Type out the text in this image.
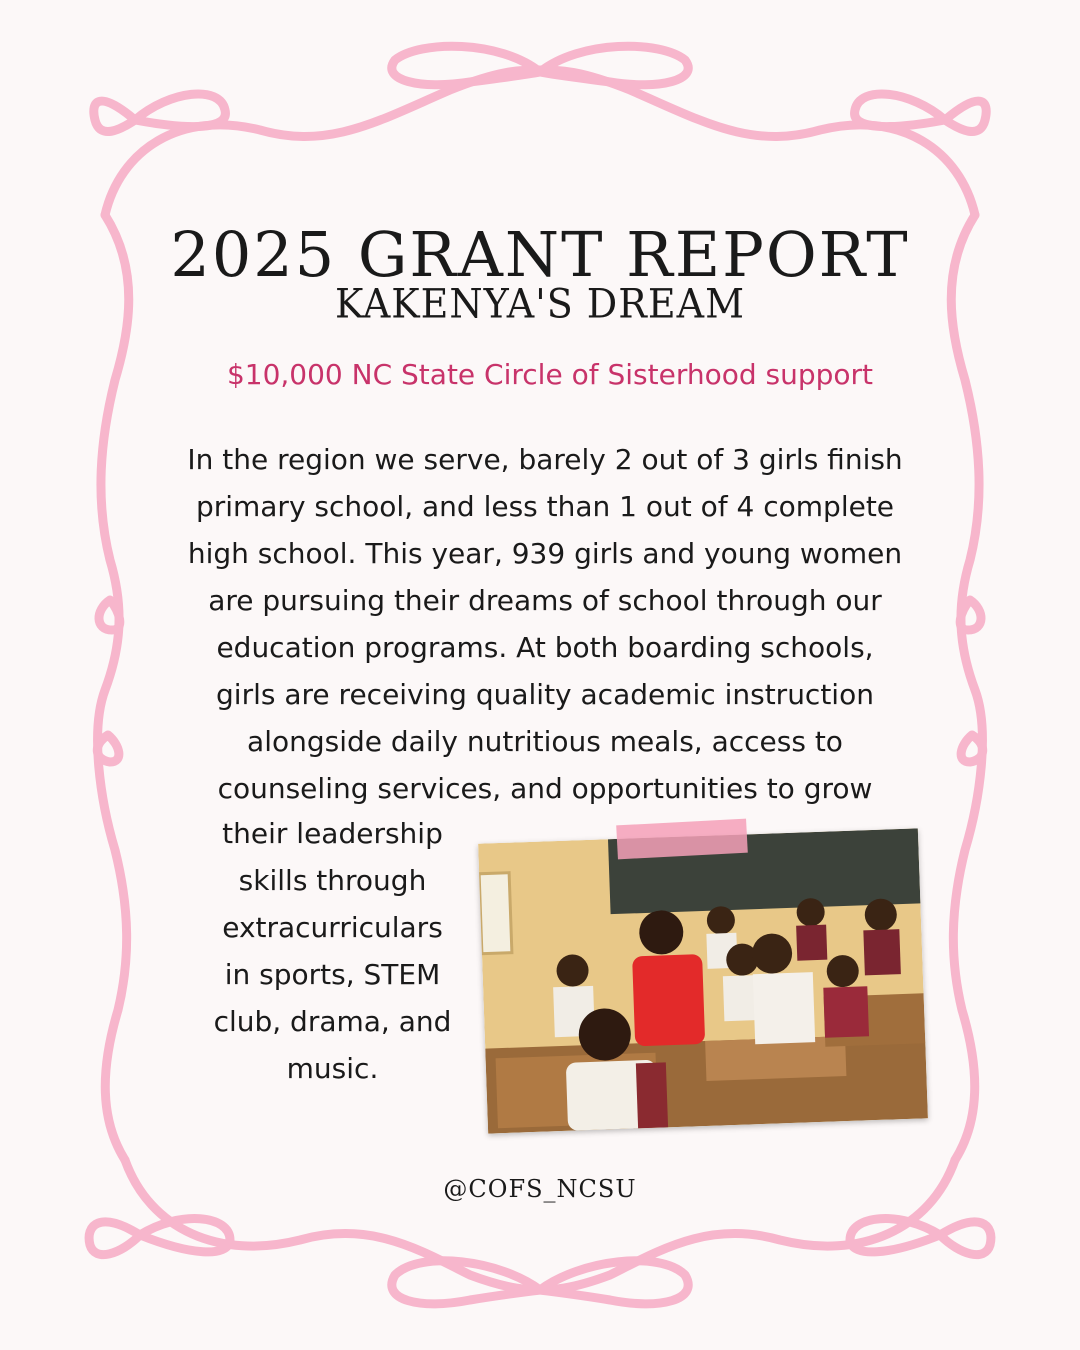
2025 GRANT REPORT
KAKENYA'S DREAM
$10,000 NC State Circle of Sisterhood support
In the region we serve, barely 2 out of 3 girls finish
primary school, and less than 1 out of 4 complete
high school. This year, 939 girls and young women
are pursuing their dreams of school through our
education programs. At both boarding schools,
girls are receiving quality academic instruction
alongside daily nutritious meals, access to
counseling services, and opportunities to grow
their leadership
skills through
extracurriculars
in sports, STEM
club, drama, and
music.
@COFS_NCSU
